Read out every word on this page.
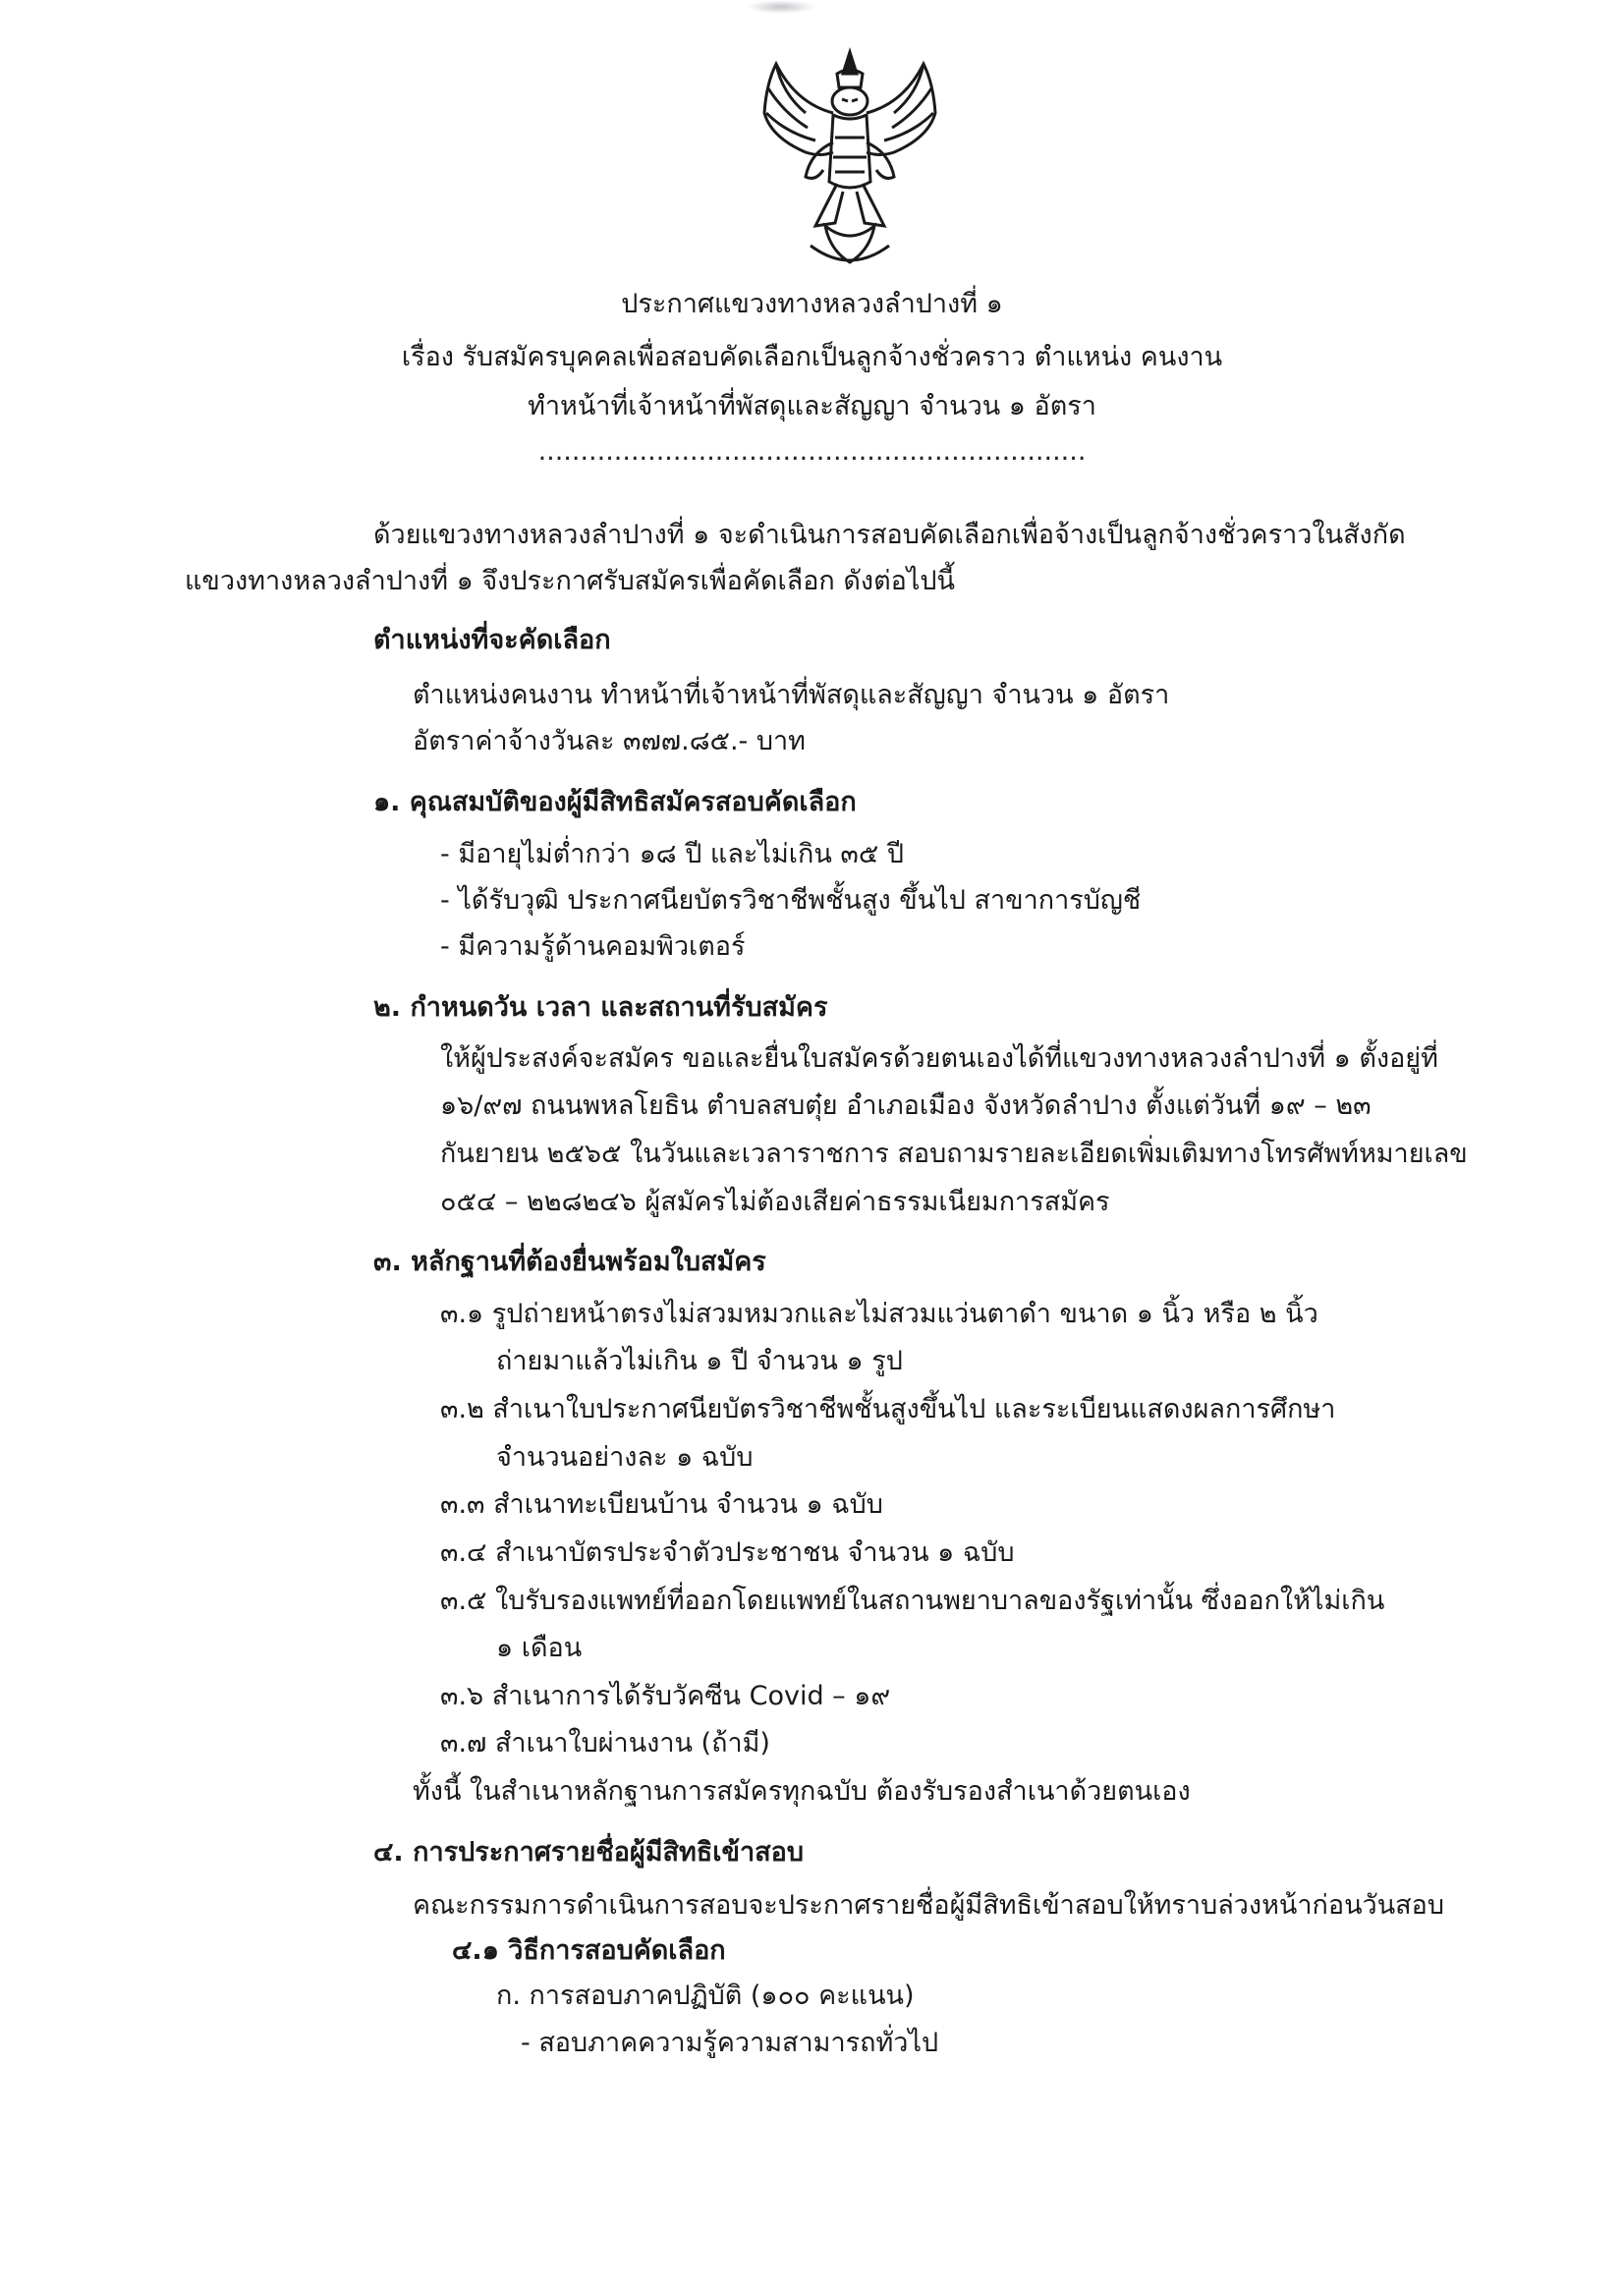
ประกาศแขวงทางหลวงลำปางที่ ๑
เรื่อง รับสมัครบุคคลเพื่อสอบคัดเลือกเป็นลูกจ้างชั่วคราว ตำแหน่ง คนงาน
ทำหน้าที่เจ้าหน้าที่พัสดุและสัญญา จำนวน ๑ อัตรา
.................................................................
ด้วยแขวงทางหลวงลำปางที่ ๑ จะดำเนินการสอบคัดเลือกเพื่อจ้างเป็นลูกจ้างชั่วคราวในสังกัด
แขวงทางหลวงลำปางที่ ๑ จึงประกาศรับสมัครเพื่อคัดเลือก ดังต่อไปนี้
ตำแหน่งที่จะคัดเลือก
ตำแหน่งคนงาน ทำหน้าที่เจ้าหน้าที่พัสดุและสัญญา จำนวน ๑ อัตรา
อัตราค่าจ้างวันละ ๓๗๗.๘๕.- บาท
๑. คุณสมบัติของผู้มีสิทธิสมัครสอบคัดเลือก
- มีอายุไม่ต่ำกว่า ๑๘ ปี และไม่เกิน ๓๕ ปี
- ได้รับวุฒิ ประกาศนียบัตรวิชาชีพชั้นสูง ขึ้นไป สาขาการบัญชี
- มีความรู้ด้านคอมพิวเตอร์
๒. กำหนดวัน เวลา และสถานที่รับสมัคร
ให้ผู้ประสงค์จะสมัคร ขอและยื่นใบสมัครด้วยตนเองได้ที่แขวงทางหลวงลำปางที่ ๑ ตั้งอยู่ที่
๑๖/๙๗ ถนนพหลโยธิน ตำบลสบตุ๋ย อำเภอเมือง จังหวัดลำปาง ตั้งแต่วันที่ ๑๙ – ๒๓
กันยายน ๒๕๖๕ ในวันและเวลาราชการ สอบถามรายละเอียดเพิ่มเติมทางโทรศัพท์หมายเลข
๐๕๔ – ๒๒๘๒๔๖ ผู้สมัครไม่ต้องเสียค่าธรรมเนียมการสมัคร
๓. หลักฐานที่ต้องยื่นพร้อมใบสมัคร
๓.๑ รูปถ่ายหน้าตรงไม่สวมหมวกและไม่สวมแว่นตาดำ ขนาด ๑ นิ้ว หรือ ๒ นิ้ว
ถ่ายมาแล้วไม่เกิน ๑ ปี จำนวน ๑ รูป
๓.๒ สำเนาใบประกาศนียบัตรวิชาชีพชั้นสูงขึ้นไป และระเบียนแสดงผลการศึกษา
จำนวนอย่างละ ๑ ฉบับ
๓.๓ สำเนาทะเบียนบ้าน จำนวน ๑ ฉบับ
๓.๔ สำเนาบัตรประจำตัวประชาชน จำนวน ๑ ฉบับ
๓.๕ ใบรับรองแพทย์ที่ออกโดยแพทย์ในสถานพยาบาลของรัฐเท่านั้น ซึ่งออกให้ไม่เกิน
๑ เดือน
๓.๖ สำเนาการได้รับวัคซีน Covid – ๑๙
๓.๗ สำเนาใบผ่านงาน (ถ้ามี)
ทั้งนี้ ในสำเนาหลักฐานการสมัครทุกฉบับ ต้องรับรองสำเนาด้วยตนเอง
๔. การประกาศรายชื่อผู้มีสิทธิเข้าสอบ
คณะกรรมการดำเนินการสอบจะประกาศรายชื่อผู้มีสิทธิเข้าสอบให้ทราบล่วงหน้าก่อนวันสอบ
๔.๑ วิธีการสอบคัดเลือก
ก. การสอบภาคปฏิบัติ (๑๐๐ คะแนน)
- สอบภาคความรู้ความสามารถทั่วไป
